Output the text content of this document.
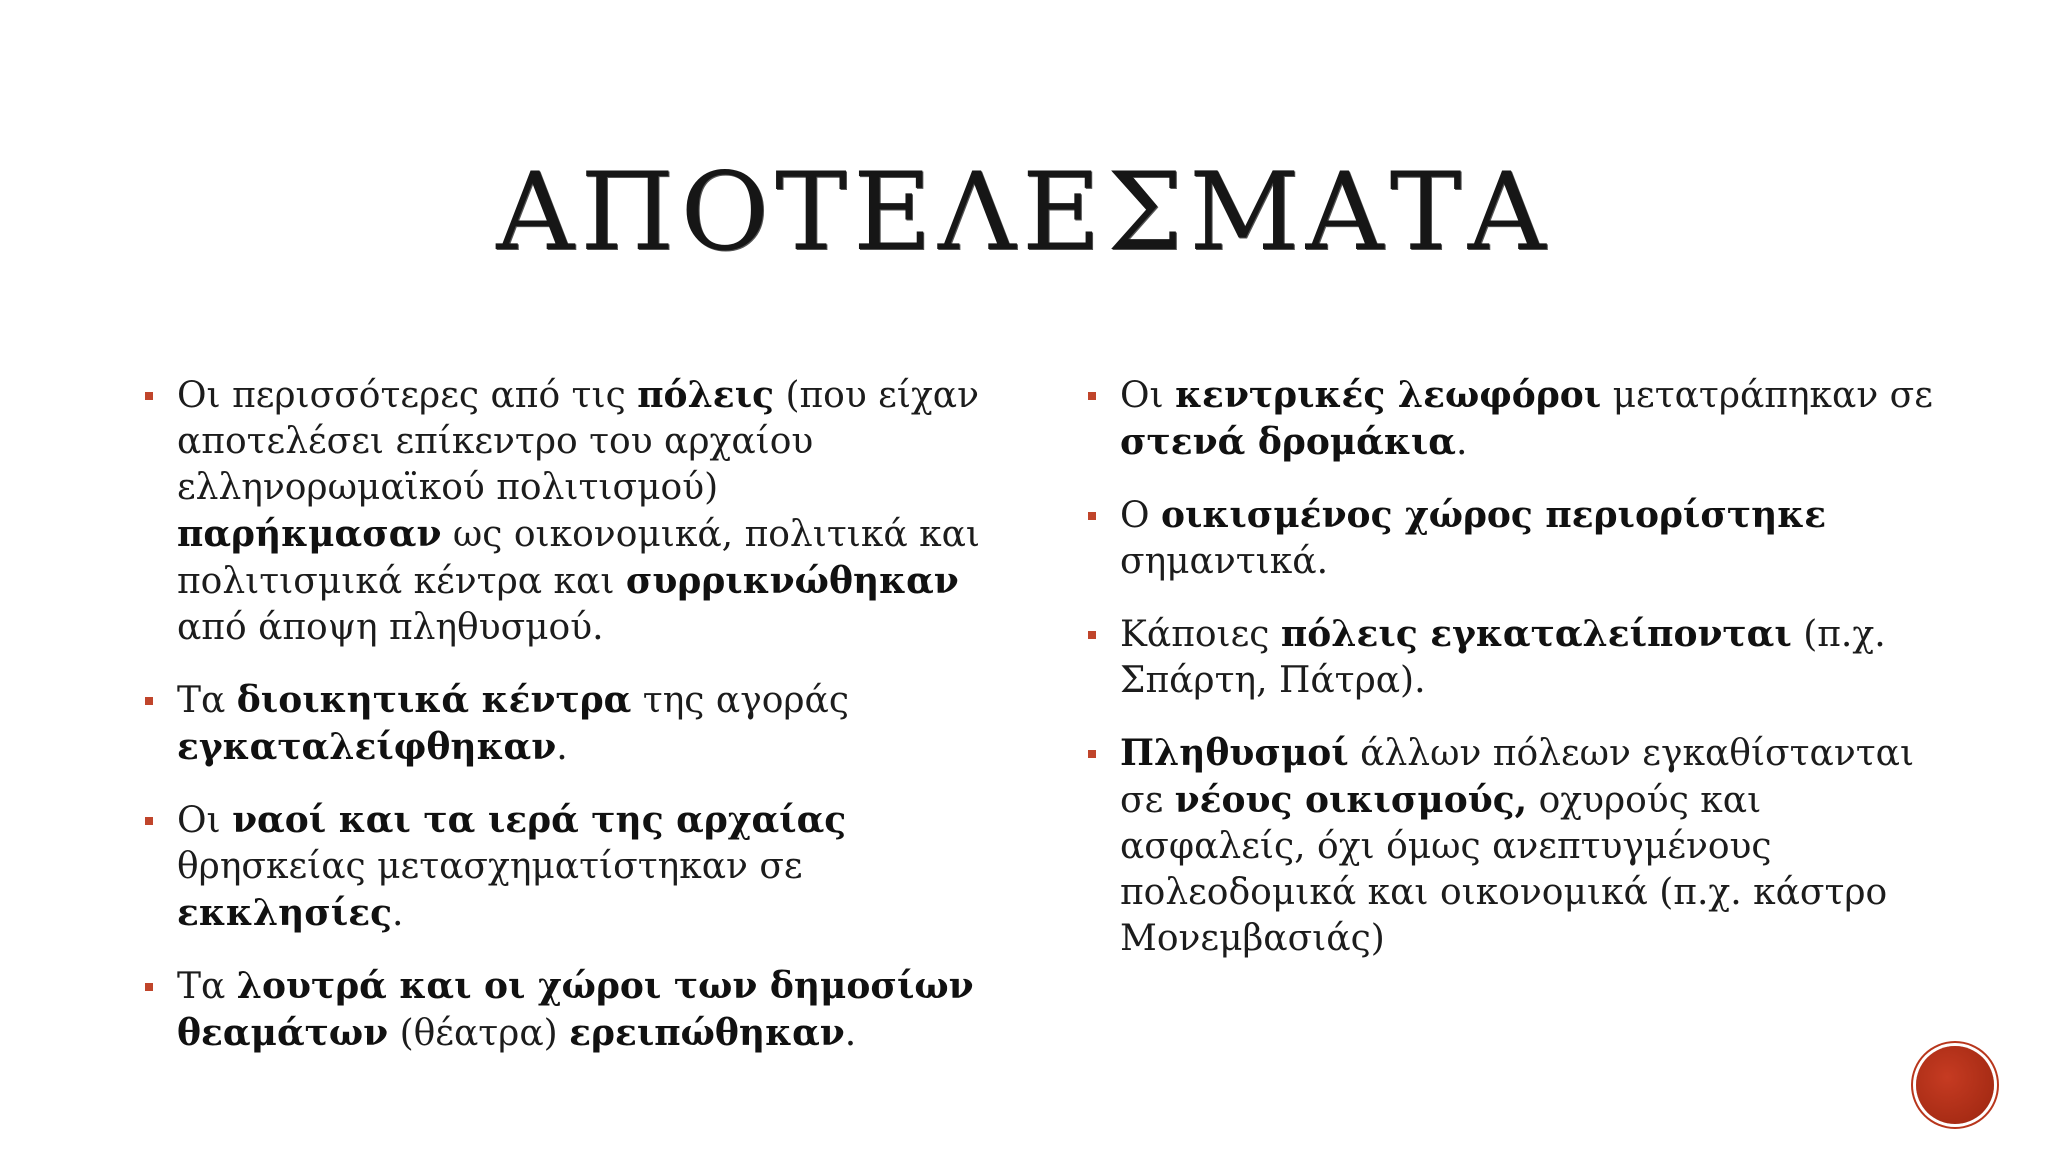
ΑΠΟΤΕΛΕΣΜΑΤΑ
Οι περισσότερες από τις πόλεις (που είχαν αποτελέσει επίκεντρο του αρχαίου ελληνορωμαϊκού πολιτισμού) παρήκμασαν ως οικονομικά, πολιτικά και πολιτισμικά κέντρα και συρρικνώθηκαν από άποψη πληθυσμού.
Τα διοικητικά κέντρα της αγοράς εγκαταλείφθηκαν.
Οι ναοί και τα ιερά της αρχαίας θρησκείας μετασχηματίστηκαν σε εκκλησίες.
Τα λουτρά και οι χώροι των δημοσίων θεαμάτων (θέατρα) ερειπώθηκαν.
Οι κεντρικές λεωφόροι μετατράπηκαν σε στενά δρομάκια.
Ο οικισμένος χώρος περιορίστηκε σημαντικά.
Κάποιες πόλεις εγκαταλείπονται (π.χ. Σπάρτη, Πάτρα).
Πληθυσμοί άλλων πόλεων εγκαθίστανται σε νέους οικισμούς, οχυρούς και ασφαλείς, όχι όμως ανεπτυγμένους πολεοδομικά και οικονομικά (π.χ. κάστρο Μονεμβασιάς)
